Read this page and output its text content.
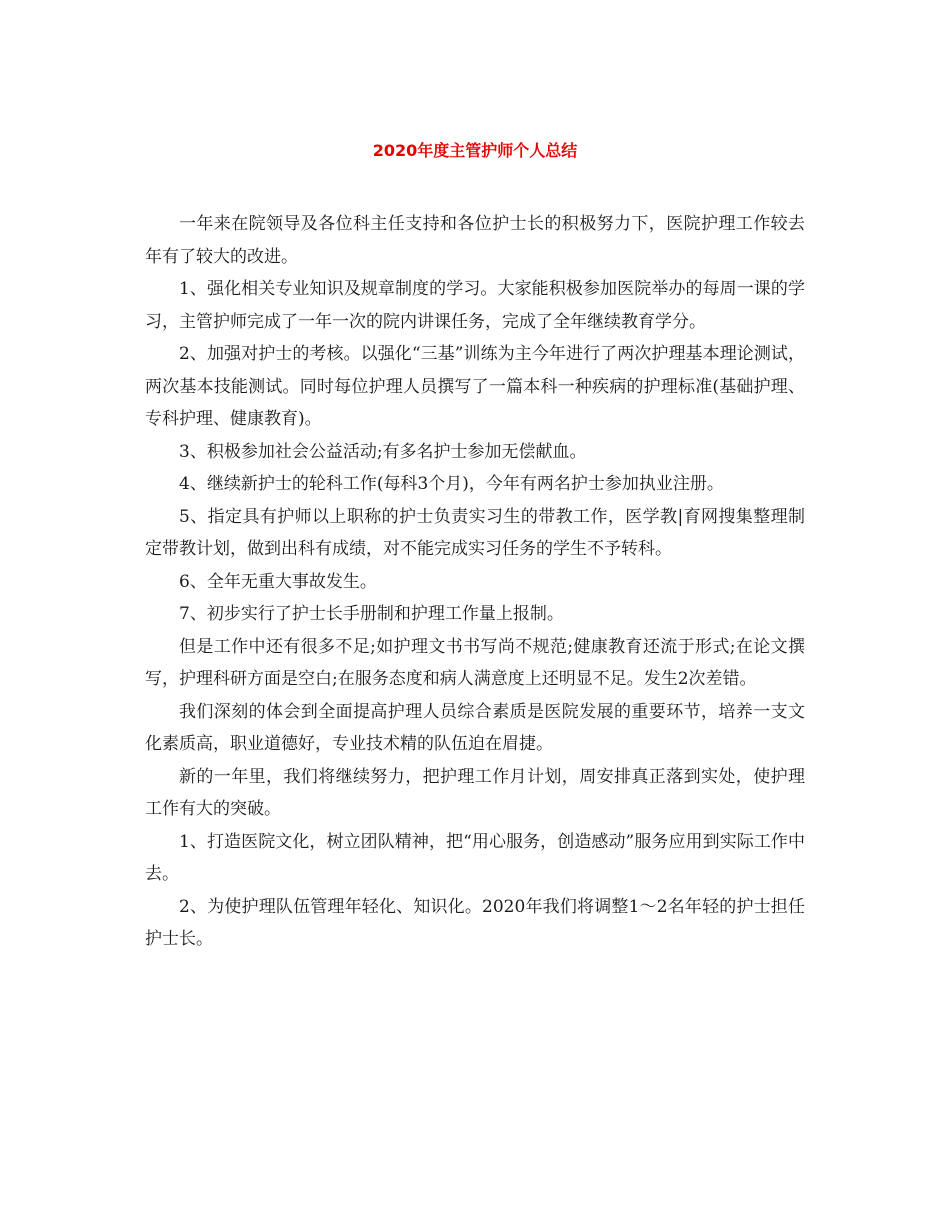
2020年度主管护师个人总结

一年来在院领导及各位科主任支持和各位护士长的积极努力下，医院护理工作较去年有了较大的改进。

1、强化相关专业知识及规章制度的学习。大家能积极参加医院举办的每周一课的学习，主管护师完成了一年一次的院内讲课任务，完成了全年继续教育学分。

2、加强对护士的考核。以强化“三基”训练为主今年进行了两次护理基本理论测试，两次基本技能测试。同时每位护理人员撰写了一篇本科一种疾病的护理标准(基础护理、专科护理、健康教育)。

3、积极参加社会公益活动;有多名护士参加无偿献血。

4、继续新护士的轮科工作(每科3个月)，今年有两名护士参加执业注册。

5、指定具有护师以上职称的护士负责实习生的带教工作，医学教|育网搜集整理制定带教计划，做到出科有成绩，对不能完成实习任务的学生不予转科。

6、全年无重大事故发生。

7、初步实行了护士长手册制和护理工作量上报制。

但是工作中还有很多不足;如护理文书书写尚不规范;健康教育还流于形式;在论文撰写，护理科研方面是空白;在服务态度和病人满意度上还明显不足。发生2次差错。

我们深刻的体会到全面提高护理人员综合素质是医院发展的重要环节，培养一支文化素质高，职业道德好，专业技术精的队伍迫在眉捷。

新的一年里，我们将继续努力，把护理工作月计划，周安排真正落到实处，使护理工作有大的突破。

1、打造医院文化，树立团队精神，把“用心服务，创造感动”服务应用到实际工作中去。

2、为使护理队伍管理年轻化、知识化。2020年我们将调整1～2名年轻的护士担任护士长。
